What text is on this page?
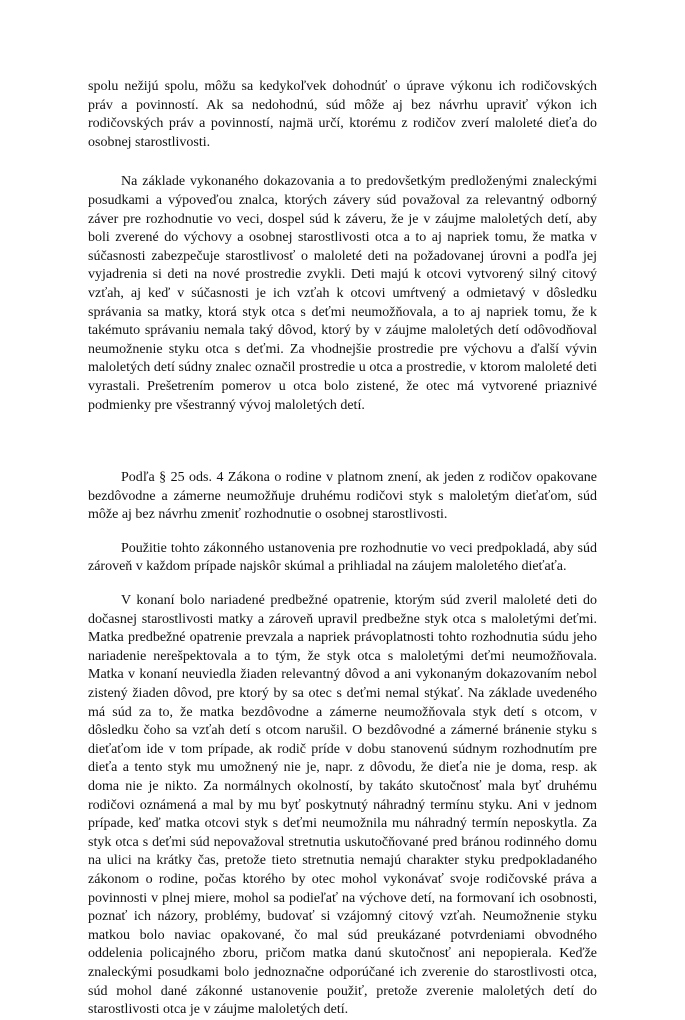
spolu nežijú spolu, môžu sa kedykoľvek dohodnúť o úprave výkonu ich rodičovských práv a povinností. Ak sa nedohodnú, súd môže aj bez návrhu upraviť výkon ich rodičovských práv a povinností, najmä určí, ktorému z rodičov zverí maloleté dieťa do osobnej starostlivosti.

Na základe vykonaného dokazovania a to predovšetkým predloženými znaleckými posudkami a výpoveďou znalca, ktorých závery súd považoval za relevantný odborný záver pre rozhodnutie vo veci, dospel súd k záveru, že je v záujme maloletých detí, aby boli zverené do výchovy a osobnej starostlivosti otca a to aj napriek tomu, že matka v súčasnosti zabezpečuje starostlivosť o maloleté deti na požadovanej úrovni a podľa jej vyjadrenia si deti na nové prostredie zvykli. Deti majú k otcovi vytvorený silný citový vzťah, aj keď v súčasnosti je ich vzťah k otcovi umŕtvený a odmietavý v dôsledku správania sa matky, ktorá styk otca s deťmi neumožňovala, a to aj napriek tomu, že k takémuto správaniu nemala taký dôvod, ktorý by v záujme maloletých detí odôvodňoval neumožnenie styku otca s deťmi. Za vhodnejšie prostredie pre výchovu a ďalší vývin maloletých detí súdny znalec označil prostredie u otca a prostredie, v ktorom maloleté deti vyrastali. Prešetrením pomerov u otca bolo zistené, že otec má vytvorené priaznivé podmienky pre všestranný vývoj maloletých detí.

Podľa § 25 ods. 4 Zákona o rodine v platnom znení, ak jeden z rodičov opakovane bezdôvodne a zámerne neumožňuje druhému rodičovi styk s maloletým dieťaťom, súd môže aj bez návrhu zmeniť rozhodnutie o osobnej starostlivosti.

Použitie tohto zákonného ustanovenia pre rozhodnutie vo veci predpokladá, aby súd zároveň v každom prípade najskôr skúmal a prihliadal na záujem maloletého dieťaťa.

V konaní bolo nariadené predbežné opatrenie, ktorým súd zveril maloleté deti do dočasnej starostlivosti matky a zároveň upravil predbežne styk otca s maloletými deťmi. Matka predbežné opatrenie prevzala a napriek právoplatnosti tohto rozhodnutia súdu jeho nariadenie nerešpektovala a to tým, že styk otca s maloletými deťmi neumožňovala. Matka v konaní neuviedla žiaden relevantný dôvod a ani vykonaným dokazovaním nebol zistený žiaden dôvod, pre ktorý by sa otec s deťmi nemal stýkať. Na základe uvedeného má súd za to, že matka bezdôvodne a zámerne neumožňovala styk detí s otcom, v dôsledku čoho sa vzťah detí s otcom narušil. O bezdôvodné a zámerné bránenie styku s dieťaťom ide v tom prípade, ak rodič príde v dobu stanovenú súdnym rozhodnutím pre dieťa a tento styk mu umožnený nie je, napr. z dôvodu, že dieťa nie je doma, resp. ak doma nie je nikto. Za normálnych okolností, by takáto skutočnosť mala byť druhému rodičovi oznámená a mal by mu byť poskytnutý náhradný termínu styku. Ani v jednom prípade, keď matka otcovi styk s deťmi neumožnila mu náhradný termín neposkytla. Za styk otca s deťmi súd nepovažoval stretnutia uskutočňované pred bránou rodinného domu na ulici na krátky čas, pretože tieto stretnutia nemajú charakter styku predpokladaného zákonom o rodine, počas ktorého by otec mohol vykonávať svoje rodičovské práva a povinnosti v plnej miere, mohol sa podieľať na výchove detí, na formovaní ich osobnosti, poznať ich názory, problémy, budovať si vzájomný citový vzťah. Neumožnenie styku matkou bolo naviac opakované, čo mal súd preukázané potvrdeniami obvodného oddelenia policajného zboru, pričom matka danú skutočnosť ani nepopierala. Keďže znaleckými posudkami bolo jednoznačne odporúčané ich zverenie do starostlivosti otca, súd mohol dané zákonné ustanovenie použiť, pretože zverenie maloletých detí do starostlivosti otca je v záujme maloletých detí.
